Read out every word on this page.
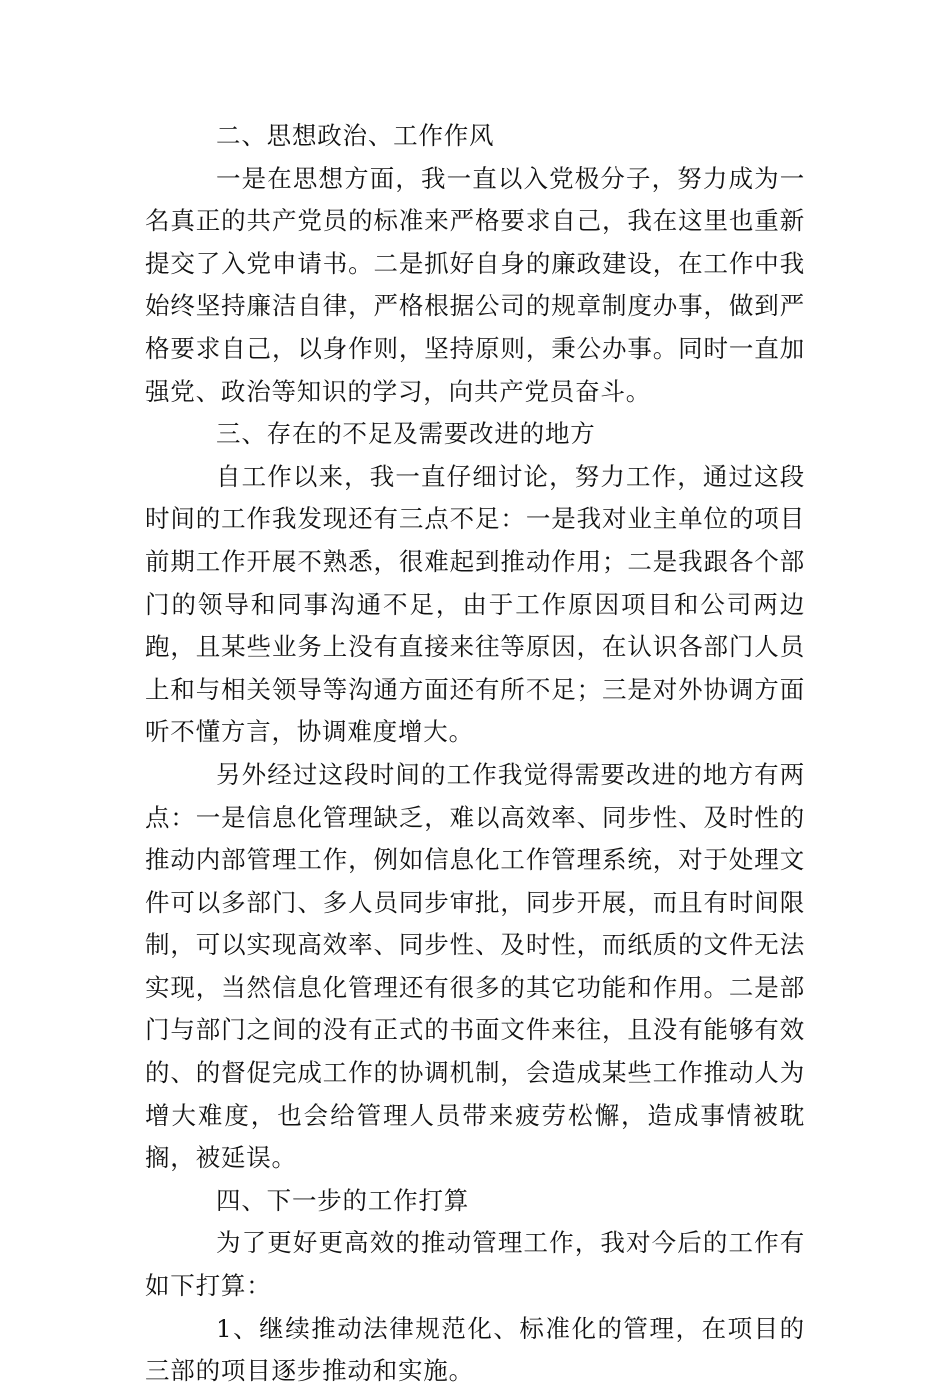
二、思想政治、工作作风

一是在思想方面，我一直以入党极分子，努力成为一名真正的共产党员的标准来严格要求自己，我在这里也重新提交了入党申请书。二是抓好自身的廉政建设，在工作中我始终坚持廉洁自律，严格根据公司的规章制度办事，做到严格要求自己，以身作则，坚持原则，秉公办事。同时一直加强党、政治等知识的学习，向共产党员奋斗。

三、存在的不足及需要改进的地方

自工作以来，我一直仔细讨论，努力工作，通过这段时间的工作我发现还有三点不足：一是我对业主单位的项目前期工作开展不熟悉，很难起到推动作用；二是我跟各个部门的领导和同事沟通不足，由于工作原因项目和公司两边跑，且某些业务上没有直接来往等原因，在认识各部门人员上和与相关领导等沟通方面还有所不足；三是对外协调方面听不懂方言，协调难度增大。

另外经过这段时间的工作我觉得需要改进的地方有两点：一是信息化管理缺乏，难以高效率、同步性、及时性的推动内部管理工作，例如信息化工作管理系统，对于处理文件可以多部门、多人员同步审批，同步开展，而且有时间限制，可以实现高效率、同步性、及时性，而纸质的文件无法实现，当然信息化管理还有很多的其它功能和作用。二是部门与部门之间的没有正式的书面文件来往，且没有能够有效的、的督促完成工作的协调机制，会造成某些工作推动人为增大难度，也会给管理人员带来疲劳松懈，造成事情被耽搁，被延误。

四、下一步的工作打算

为了更好更高效的推动管理工作，我对今后的工作有如下打算：

1、继续推动法律规范化、标准化的管理，在项目的三部的项目逐步推动和实施。
